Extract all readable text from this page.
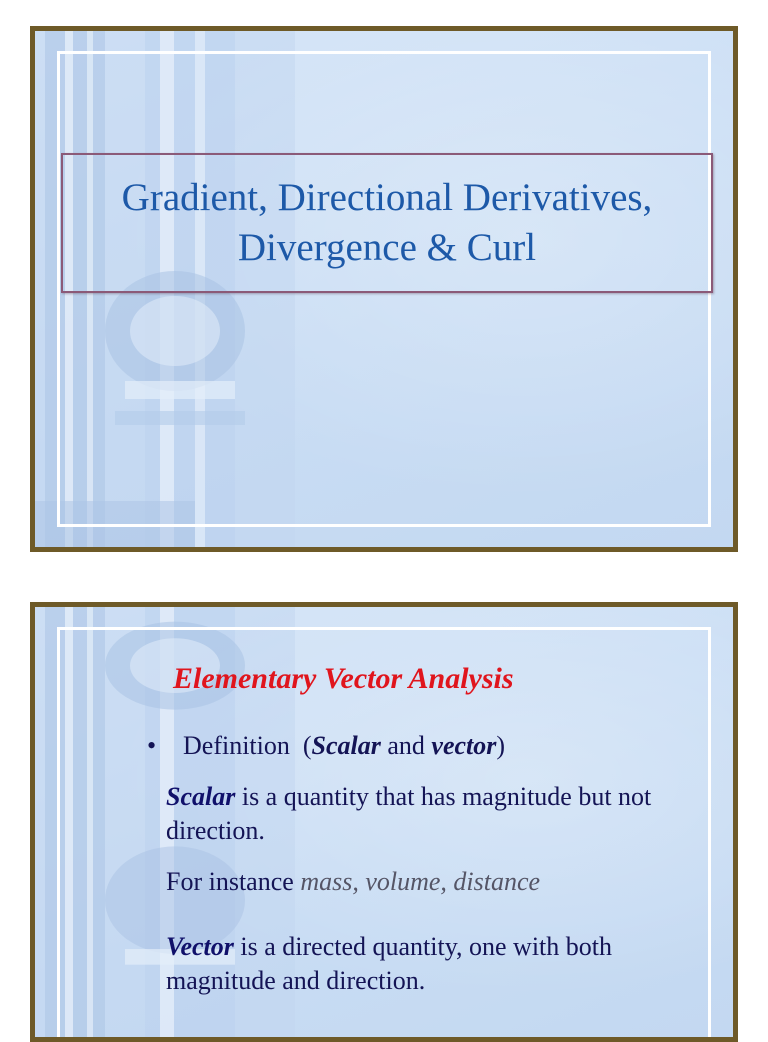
Gradient, Directional Derivatives,
Divergence & Curl
Elementary Vector Analysis
• Definition  (Scalar and vector)
Scalar is a quantity that has magnitude but not direction.
For instance mass, volume, distance
Vector is a directed quantity, one with both magnitude and direction.
